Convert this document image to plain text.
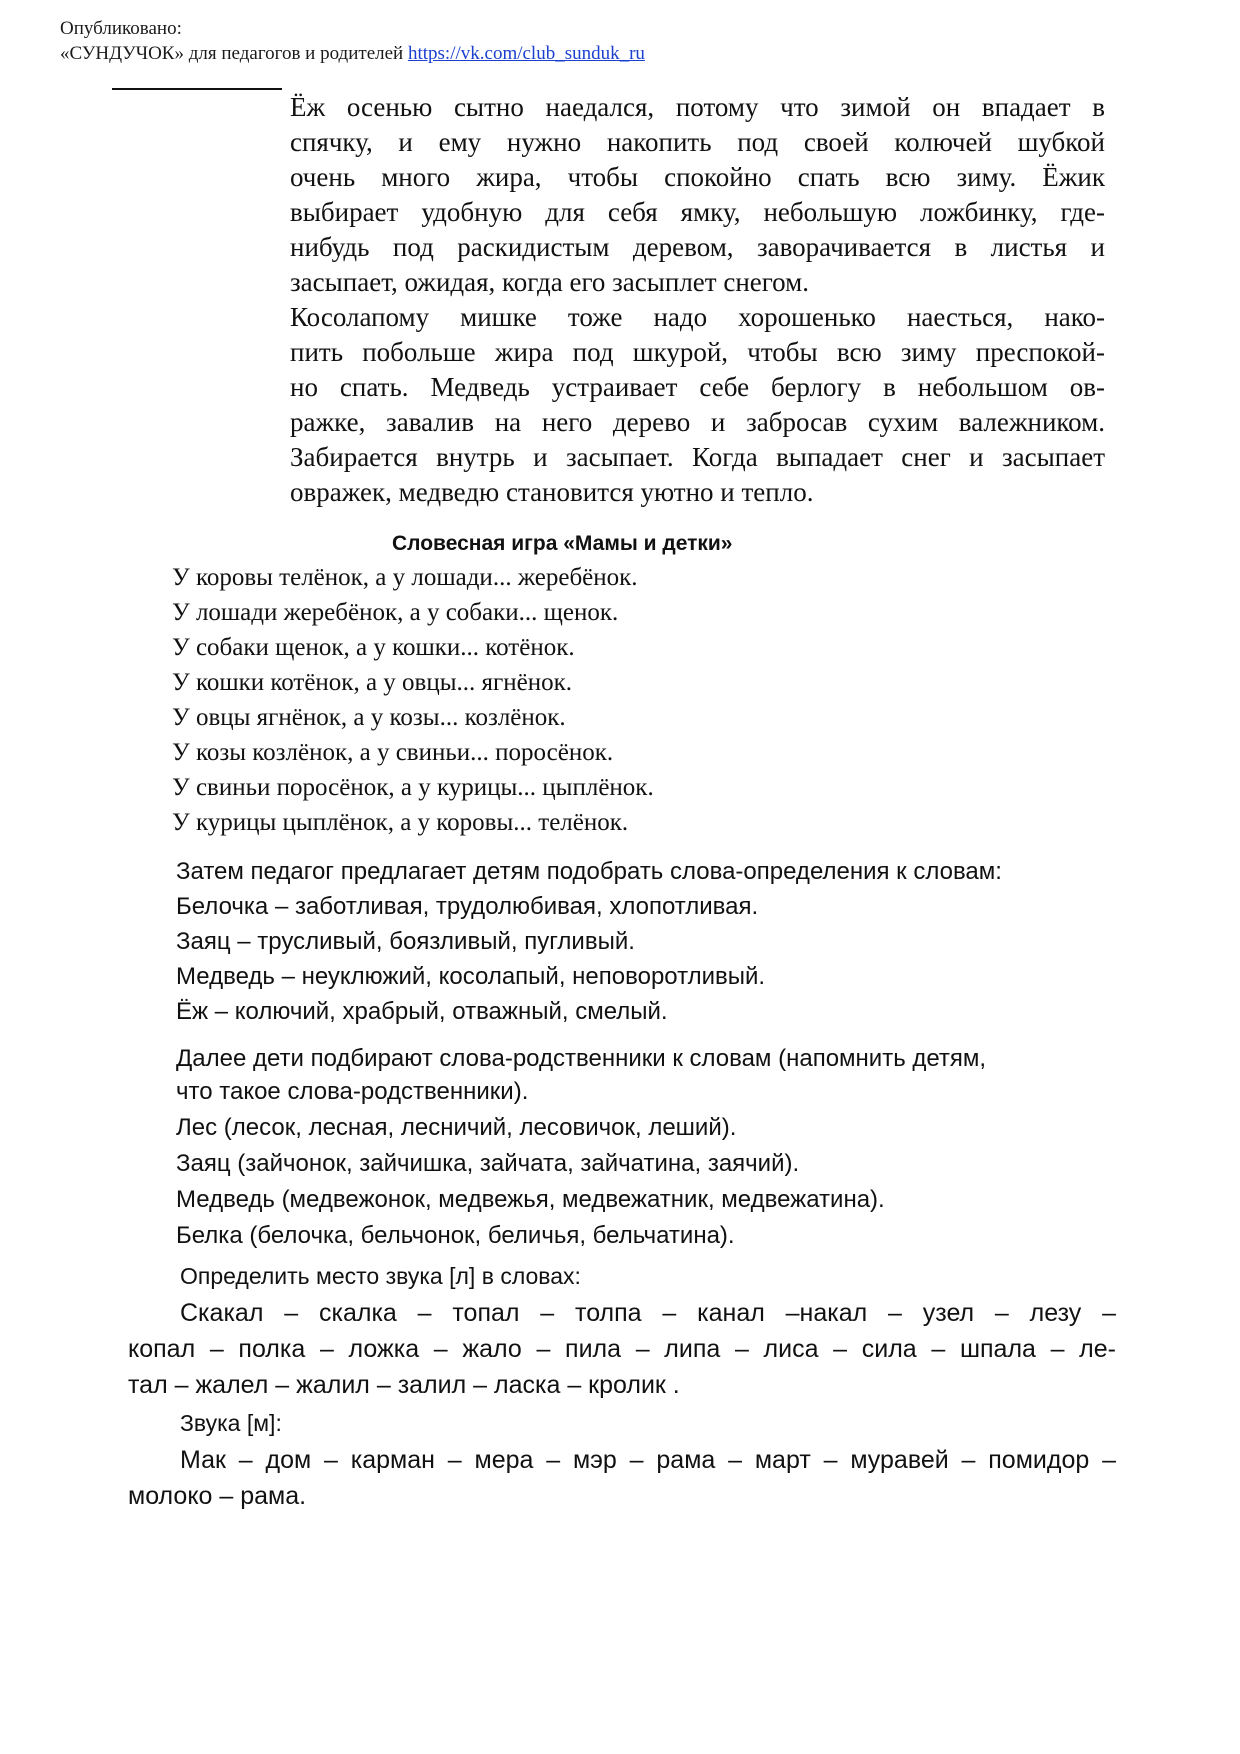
Опубликовано:
«СУНДУЧОК» для педагогов и родителей https://vk.com/club_sunduk_ru
Ёж осенью сытно наедался, потому что зимой он впадает в
спячку, и ему нужно накопить под своей колючей шубкой
очень много жира, чтобы спокойно спать всю зиму. Ёжик
выбирает удобную для себя ямку, небольшую ложбинку, где-
нибудь под раскидистым деревом, заворачивается в листья и
засыпает, ожидая, когда его засыплет снегом.
Косолапому мишке тоже надо хорошенько наесться, нако-
пить побольше жира под шкурой, чтобы всю зиму преспокой-
но спать. Медведь устраивает себе берлогу в небольшом ов-
ражке, завалив на него дерево и забросав сухим валежником.
Забирается внутрь и засыпает. Когда выпадает снег и засыпает
овражек, медведю становится уютно и тепло.
Словесная игра «Мамы и детки»
У коровы телёнок, а у лошади... жеребёнок.
У лошади жеребёнок, а у собаки... щенок.
У собаки щенок, а у кошки... котёнок.
У кошки котёнок, а у овцы... ягнёнок.
У овцы ягнёнок, а у козы... козлёнок.
У козы козлёнок, а у свиньи... поросёнок.
У свиньи поросёнок, а у курицы... цыплёнок.
У курицы цыплёнок, а у коровы... телёнок.
Затем педагог предлагает детям подобрать слова-определения к словам:
Белочка – заботливая, трудолюбивая, хлопотливая.
Заяц – трусливый, боязливый, пугливый.
Медведь – неуклюжий, косолапый, неповоротливый.
Ёж – колючий, храбрый, отважный, смелый.
Далее дети подбирают слова-родственники к словам (напомнить детям,
что такое слова-родственники).
Лес (лесок, лесная, лесничий, лесовичок, леший).
Заяц (зайчонок, зайчишка, зайчата, зайчатина, заячий).
Медведь (медвежонок, медвежья, медвежатник, медвежатина).
Белка (белочка, бельчонок, беличья, бельчатина).
Определить место звука [л] в словах:
Скакал – скалка – топал – толпа – канал –накал – узел – лезу –
копал – полка – ложка – жало – пила – липа – лиса – сила – шпала – ле-
тал – жалел – жалил – залил – ласка – кролик .
Звука [м]:
Мак – дом – карман – мера – мэр – рама – март – муравей – помидор –
молоко – рама.
